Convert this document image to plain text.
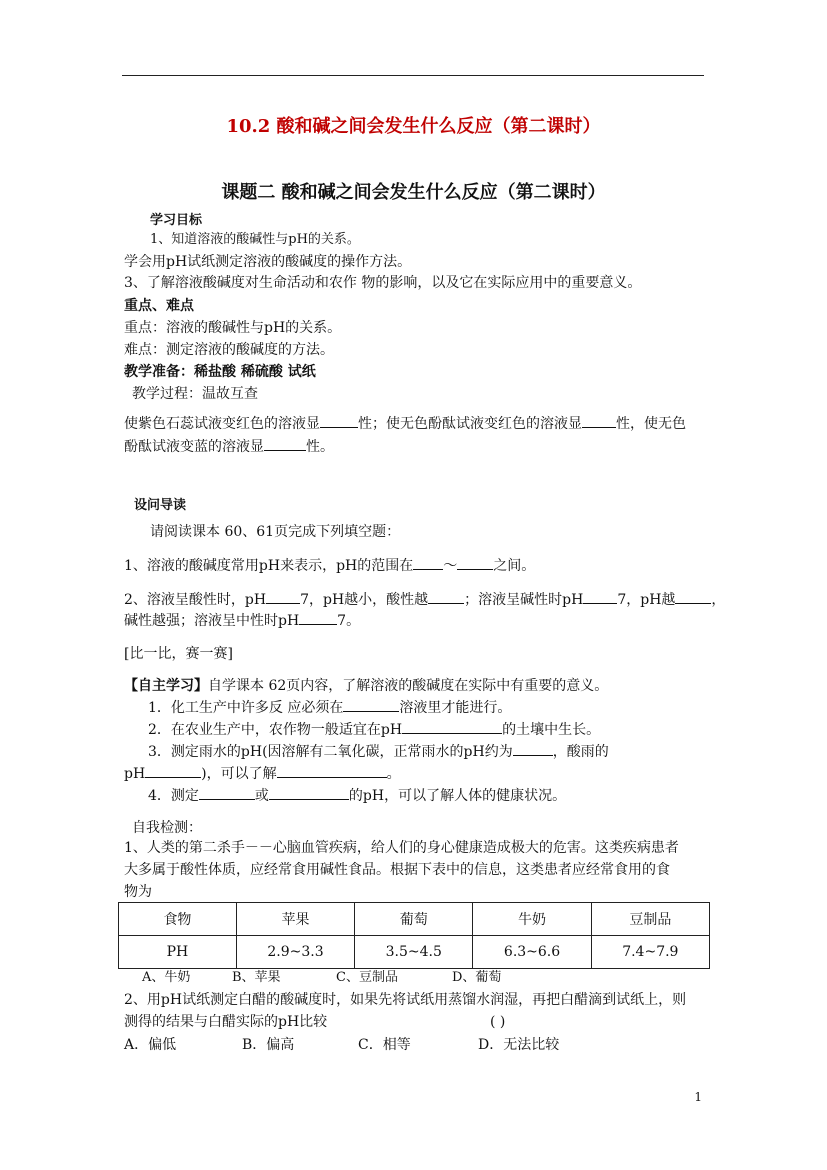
10.2 酸和碱之间会发生什么反应（第二课时）
课题二 酸和碱之间会发生什么反应（第二课时）
学习目标
1、知道溶液的酸碱性与pH的关系。
学会用pH试纸测定溶液的酸碱度的操作方法。
3、了解溶液酸碱度对生命活动和农作 物的影响，以及它在实际应用中的重要意义。
重点、难点
重点：溶液的酸碱性与pH的关系。
难点：测定溶液的酸碱度的方法。
教学准备：稀盐酸 稀硫酸 试纸
教学过程：温故互查
使紫色石蕊试液变红色的溶液显	性；使无色酚酞试液变红色的溶液显 性，使无色
酚酞试液变蓝的溶液显	性。
设问导读
请阅读课本 60、61页完成下列填空题：
1、溶液的酸碱度常用pH来表示，pH的范围在 ～	之间。
2、溶液呈酸性时，pH 7，pH越小，酸性越	；溶液呈碱性时pH 7，pH越	，
碱性越强；溶液呈中性时pH	7。
[比一比，赛一赛]
【自主学习】自学课本 62页内容，了解溶液的酸碱度在实际中有重要的意义。
1．化工生产中许多反 应必须在	溶液里才能进行。
2．在农业生产中，农作物一般适宜在pH	的土壤中生长。
3．测定雨水的pH(因溶解有二氧化碳，正常雨水的pH约为	，酸雨的
pH	)，可以了解	。
4．测定	或	的pH，可以了解人体的健康状况。
自我检测：
1、人类的第二杀手－－心脑血管疾病，给人们的身心健康造成极大的危害。这类疾病患者
大多属于酸性体质，应经常食用碱性食品。根据下表中的信息，这类患者应经常食用的食
物为
食物	苹果	葡萄	牛奶	豆制品
PH	2.9~3.3	3.5~4.5	6.3~6.6	7.4~7.9
A、牛奶	B、苹果	C、豆制品	D、葡萄
2、用pH试纸测定白醋的酸碱度时，如果先将试纸用蒸馏水润湿，再把白醋滴到试纸上，则
测得的结果与白醋实际的pH比较	( )
A．偏低	B．偏高	C．相等	D．无法比较
1
